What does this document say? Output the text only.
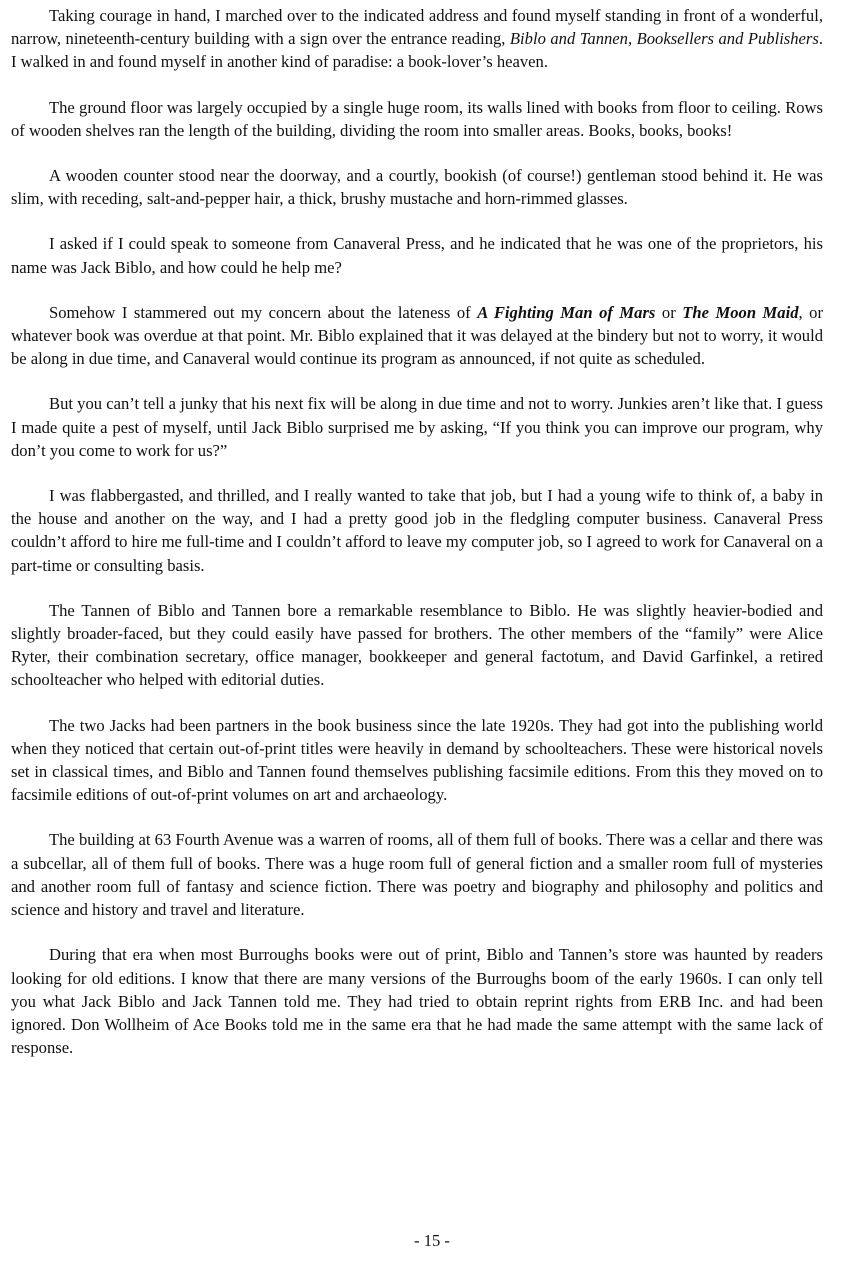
Taking courage in hand, I marched over to the indicated address and found myself standing in front of a wonderful, narrow, nineteenth-century building with a sign over the entrance reading, Biblo and Tannen, Booksellers and Publishers. I walked in and found myself in another kind of paradise: a book-lover’s heaven.

The ground floor was largely occupied by a single huge room, its walls lined with books from floor to ceiling. Rows of wooden shelves ran the length of the building, dividing the room into smaller areas. Books, books, books!

A wooden counter stood near the doorway, and a courtly, bookish (of course!) gentleman stood behind it. He was slim, with receding, salt-and-pepper hair, a thick, brushy mustache and horn-rimmed glasses.

I asked if I could speak to someone from Canaveral Press, and he indicated that he was one of the proprietors, his name was Jack Biblo, and how could he help me?

Somehow I stammered out my concern about the lateness of A Fighting Man of Mars or The Moon Maid, or whatever book was overdue at that point. Mr. Biblo explained that it was delayed at the bindery but not to worry, it would be along in due time, and Canaveral would continue its program as announced, if not quite as scheduled.

But you can’t tell a junky that his next fix will be along in due time and not to worry. Junkies aren’t like that. I guess I made quite a pest of myself, until Jack Biblo surprised me by asking, “If you think you can improve our program, why don’t you come to work for us?”

I was flabbergasted, and thrilled, and I really wanted to take that job, but I had a young wife to think of, a baby in the house and another on the way, and I had a pretty good job in the fledgling computer business. Canaveral Press couldn’t afford to hire me full-time and I couldn’t afford to leave my computer job, so I agreed to work for Canaveral on a part-time or consulting basis.

The Tannen of Biblo and Tannen bore a remarkable resemblance to Biblo. He was slightly heavier-bodied and slightly broader-faced, but they could easily have passed for brothers. The other members of the “family” were Alice Ryter, their combination secretary, office manager, bookkeeper and general factotum, and David Garfinkel, a retired schoolteacher who helped with editorial duties.

The two Jacks had been partners in the book business since the late 1920s. They had got into the publishing world when they noticed that certain out-of-print titles were heavily in demand by schoolteachers. These were historical novels set in classical times, and Biblo and Tannen found themselves publishing facsimile editions. From this they moved on to facsimile editions of out-of-print volumes on art and archaeology.

The building at 63 Fourth Avenue was a warren of rooms, all of them full of books. There was a cellar and there was a subcellar, all of them full of books. There was a huge room full of general fiction and a smaller room full of mysteries and another room full of fantasy and science fiction. There was poetry and biography and philosophy and politics and science and history and travel and literature.

During that era when most Burroughs books were out of print, Biblo and Tannen’s store was haunted by readers looking for old editions. I know that there are many versions of the Burroughs boom of the early 1960s. I can only tell you what Jack Biblo and Jack Tannen told me. They had tried to obtain reprint rights from ERB Inc. and had been ignored. Don Wollheim of Ace Books told me in the same era that he had made the same attempt with the same lack of response.

- 15 -
